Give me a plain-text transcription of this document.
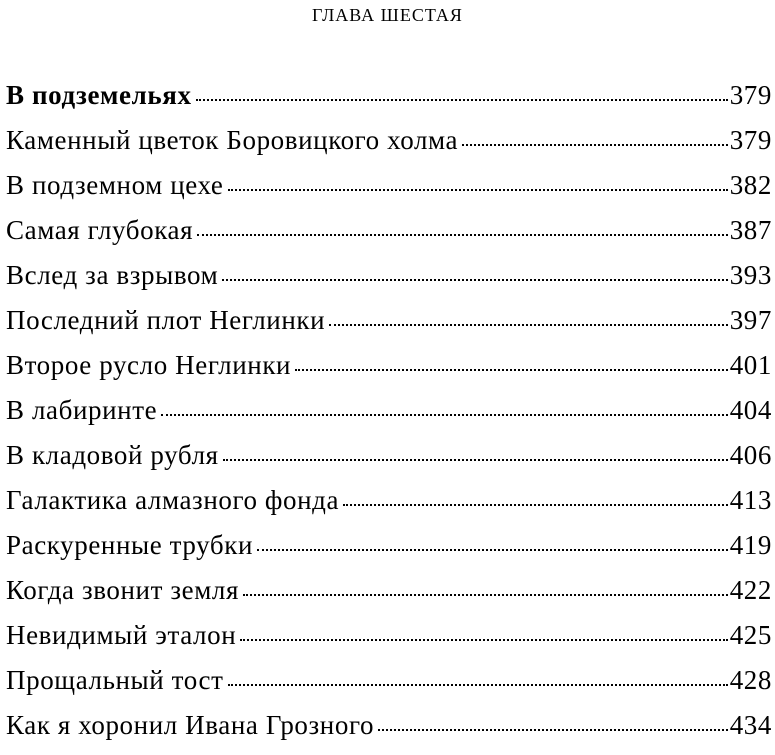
ГЛАВА ШЕСТАЯ
В подземельях	379
Каменный цветок Боровицкого холма	379
В подземном цехе	382
Самая глубокая	387
Вслед за взрывом	393
Последний плот Неглинки	397
Второе русло Неглинки	401
В лабиринте	404
В кладовой рубля	406
Галактика алмазного фонда	413
Раскуренные трубки	419
Когда звонит земля	422
Невидимый эталон	425
Прощальный тост	428
Как я хоронил Ивана Грозного	434
